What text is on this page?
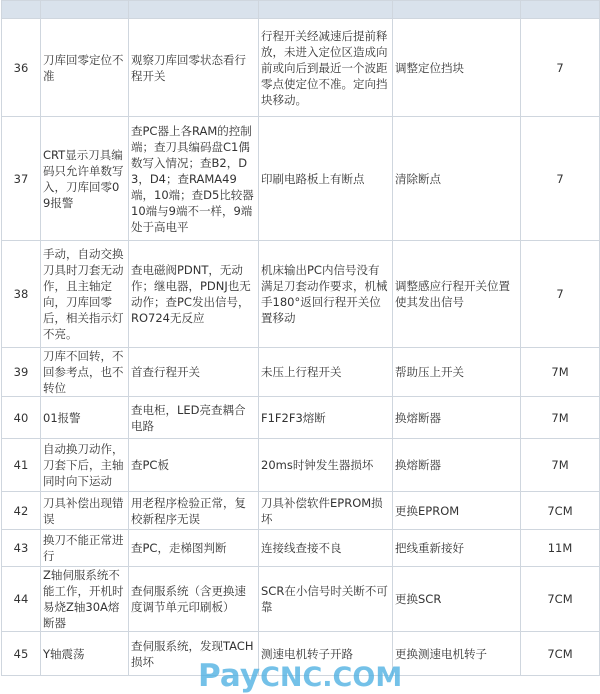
36	刀库回零定位不准	观察刀库回零状态看行程开关	行程开关经减速后提前释放，未进入定位区造成向前或向后到最近一个波距零点使定位不准。定向挡块移动。	调整定位挡块	7
37	CRT显示刀具编码只允许单数写入，刀库回零09报警	查PC器上各RAM的控制端；查刀具编码盘C1偶数写入情况；查B2，D3，D4；查RAMA49端，10端；查D5比较器10端与9端不一样，9端处于高电平	印刷电路板上有断点	清除断点	7
38	手动，自动交换刀具时刀套无动作，且主轴定向，刀库回零后，相关指示灯不亮。	查电磁阀PDNT，无动作；继电器，PDNJ也无动作；查PC发出信号，RO724无反应	机床输出PC内信号没有满足刀套动作要求，机械手180°返回行程开关位置移动	调整感应行程开关位置使其发出信号	7
39	刀库不回转，不回参考点，也不转位	首查行程开关	未压上行程开关	帮助压上开关	7M
40	01报警	查电柜，LED亮查耦合电路	F1F2F3熔断	换熔断器	7M
41	自动换刀动作，刀套下后，主轴同时向下运动	查PC板	20ms时钟发生器损坏	换熔断器	7M
42	刀具补偿出现错误	用老程序检验正常，复校新程序无误	刀具补偿软件EPROM损坏	更换EPROM	7CM
43	换刀不能正常进行	查PC，走梯图判断	连接线查接不良	把线重新接好	11M
44	Z轴伺服系统不能工作，开机时易烧Z轴30A熔断器	查伺服系统（含更换速度调节单元印刷板）	SCR在小信号时关断不可靠	更换SCR	7CM
45	Y轴震荡	查伺服系统，发现TACH损坏	测速电机转子开路	更换测速电机转子	7CM
PayCNC.COM
